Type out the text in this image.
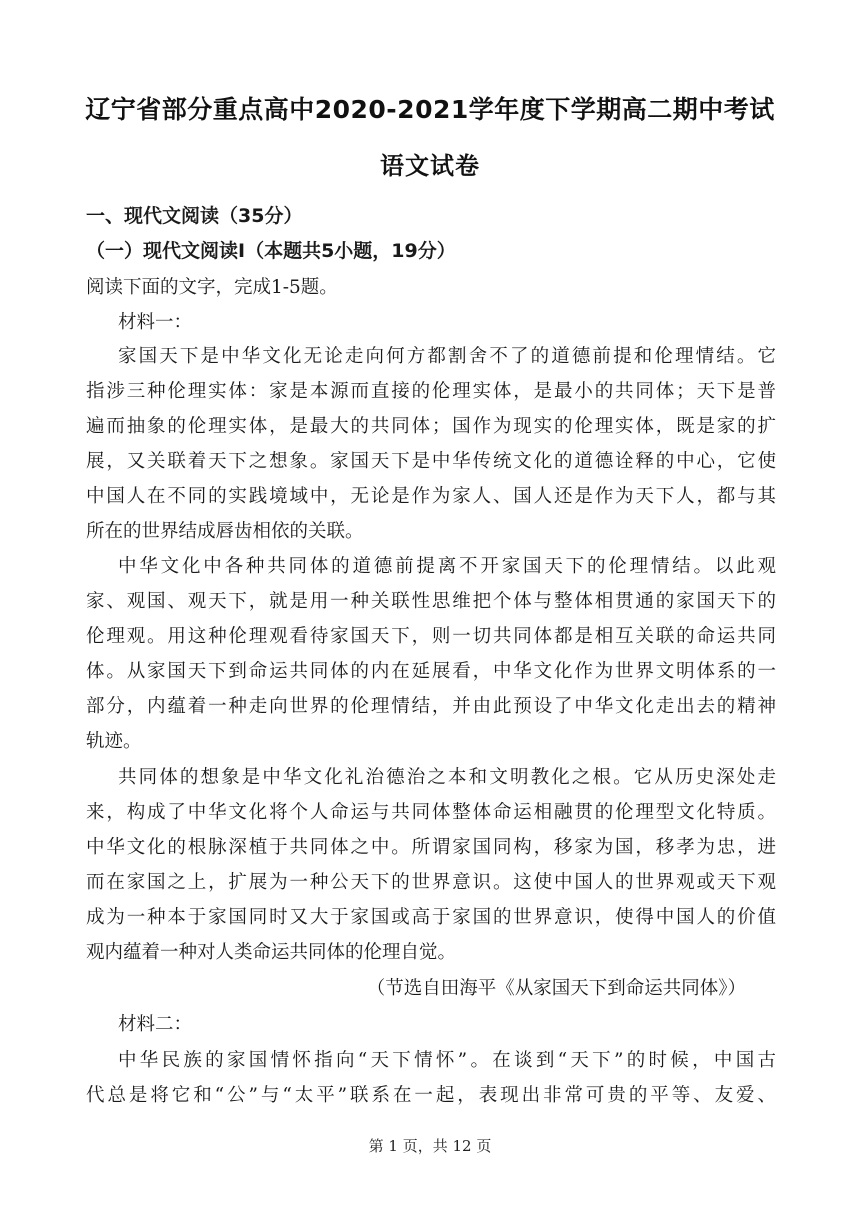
辽宁省部分重点高中2020-2021学年度下学期高二期中考试
语文试卷
一、现代文阅读（35分）
（一）现代文阅读Ⅰ（本题共5小题，19分）
阅读下面的文字，完成1-5题。
材料一：
家国天下是中华文化无论走向何方都割舍不了的道德前提和伦理情结。它
指涉三种伦理实体：家是本源而直接的伦理实体，是最小的共同体；天下是普
遍而抽象的伦理实体，是最大的共同体；国作为现实的伦理实体，既是家的扩
展，又关联着天下之想象。家国天下是中华传统文化的道德诠释的中心，它使
中国人在不同的实践境域中，无论是作为家人、国人还是作为天下人，都与其
所在的世界结成唇齿相依的关联。
中华文化中各种共同体的道德前提离不开家国天下的伦理情结。以此观
家、观国、观天下，就是用一种关联性思维把个体与整体相贯通的家国天下的
伦理观。用这种伦理观看待家国天下，则一切共同体都是相互关联的命运共同
体。从家国天下到命运共同体的内在延展看，中华文化作为世界文明体系的一
部分，内蕴着一种走向世界的伦理情结，并由此预设了中华文化走出去的精神
轨迹。
共同体的想象是中华文化礼治德治之本和文明教化之根。它从历史深处走
来，构成了中华文化将个人命运与共同体整体命运相融贯的伦理型文化特质。
中华文化的根脉深植于共同体之中。所谓家国同构，移家为国，移孝为忠，进
而在家国之上，扩展为一种公天下的世界意识。这使中国人的世界观或天下观
成为一种本于家国同时又大于家国或高于家国的世界意识，使得中国人的价值
观内蕴着一种对人类命运共同体的伦理自觉。
（节选自田海平《从家国天下到命运共同体》）
材料二：
中华民族的家国情怀指向“天下情怀”。在谈到“天下”的时候，中国古
代总是将它和“公”与“太平”联系在一起，表现出非常可贵的平等、友爱、
第 1 页，共 12 页
